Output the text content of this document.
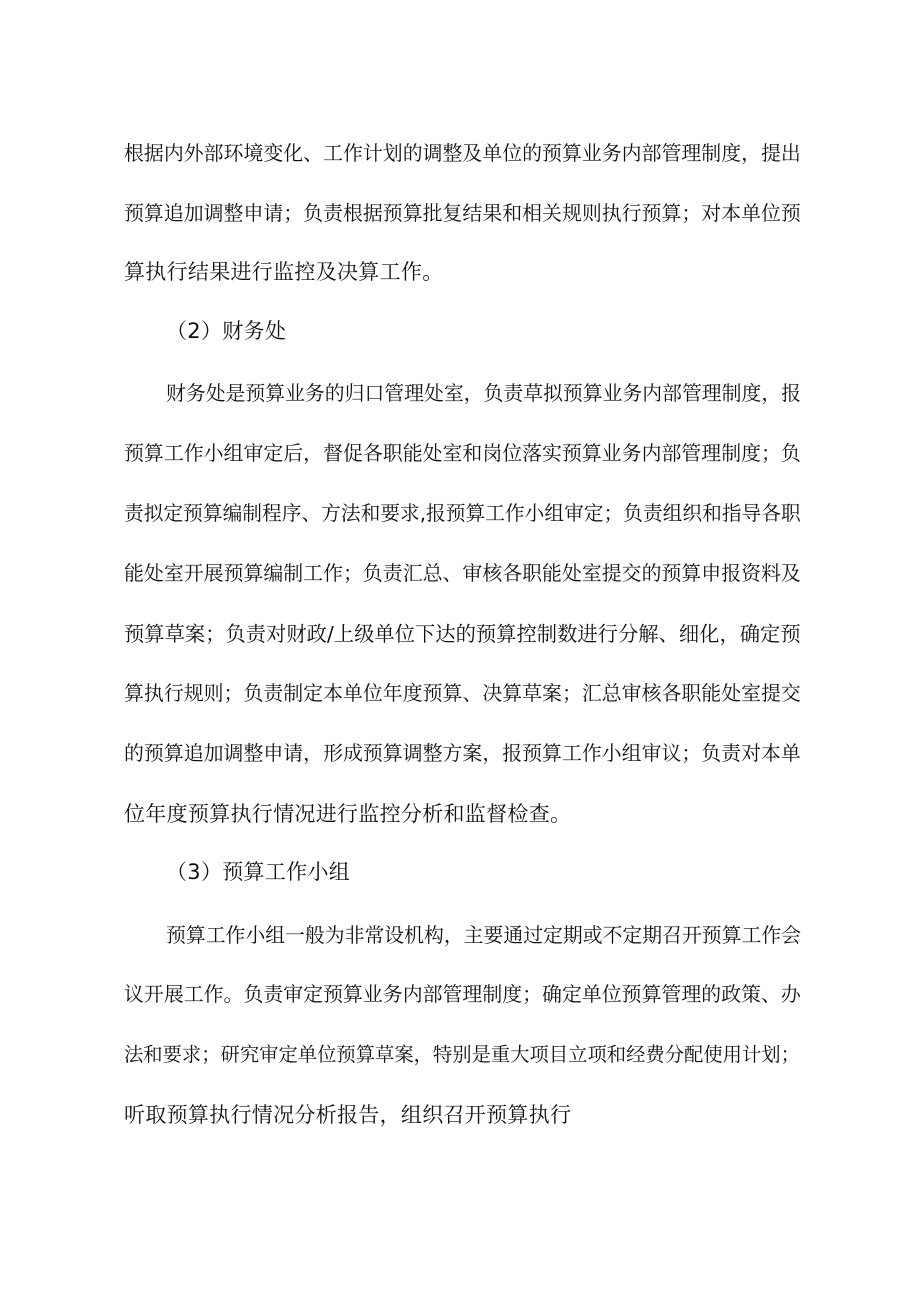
根据内外部环境变化、工作计划的调整及单位的预算业务内部管理制度，提出
预算追加调整申请；负责根据预算批复结果和相关规则执行预算；对本单位预
算执行结果进行监控及决算工作。
（2）财务处
财务处是预算业务的归口管理处室，负责草拟预算业务内部管理制度，报
预算工作小组审定后，督促各职能处室和岗位落实预算业务内部管理制度；负
责拟定预算编制程序、方法和要求,报预算工作小组审定；负责组织和指导各职
能处室开展预算编制工作；负责汇总、审核各职能处室提交的预算申报资料及
预算草案；负责对财政/上级单位下达的预算控制数进行分解、细化，确定预
算执行规则；负责制定本单位年度预算、决算草案；汇总审核各职能处室提交
的预算追加调整申请，形成预算调整方案，报预算工作小组审议；负责对本单
位年度预算执行情况进行监控分析和监督检查。
（3）预算工作小组
预算工作小组一般为非常设机构，主要通过定期或不定期召开预算工作会
议开展工作。负责审定预算业务内部管理制度；确定单位预算管理的政策、办
法和要求；研究审定单位预算草案，特别是重大项目立项和经费分配使用计划；
听取预算执行情况分析报告，组织召开预算执行
